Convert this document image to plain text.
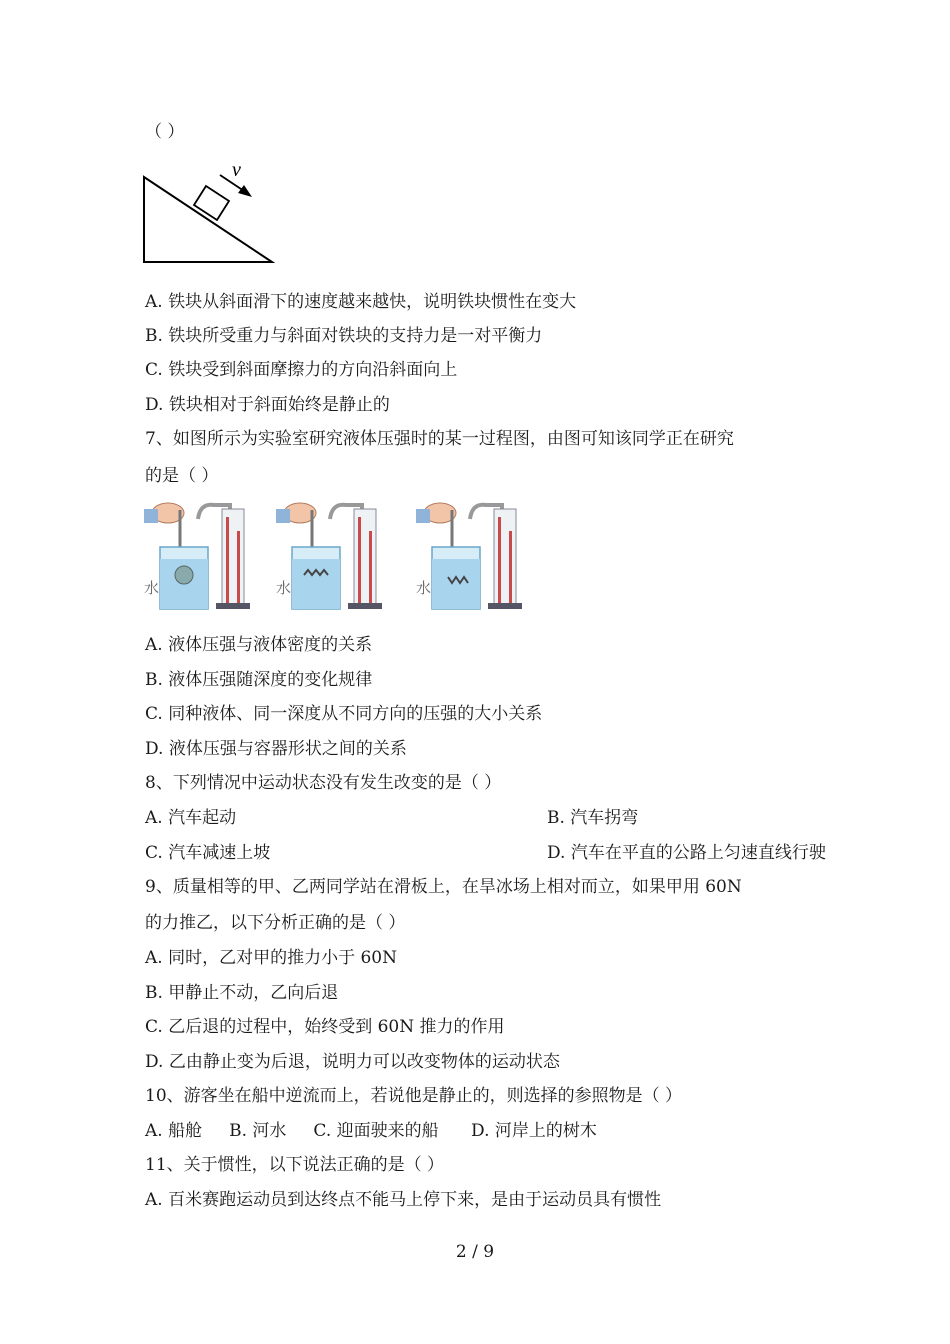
（ ）
v
A. 铁块从斜面滑下的速度越来越快，说明铁块惯性在变大
B. 铁块所受重力与斜面对铁块的支持力是一对平衡力
C. 铁块受到斜面摩擦力的方向沿斜面向上
D. 铁块相对于斜面始终是静止的
7、如图所示为实验室研究液体压强时的某一过程图，由图可知该同学正在研究
的是（ ）
水	水	水
A. 液体压强与液体密度的关系
B. 液体压强随深度的变化规律
C. 同种液体、同一深度从不同方向的压强的大小关系
D. 液体压强与容器形状之间的关系
8、下列情况中运动状态没有发生改变的是（ ）
A. 汽车起动	B. 汽车拐弯
C. 汽车减速上坡	D. 汽车在平直的公路上匀速直线行驶
9、质量相等的甲、乙两同学站在滑板上，在旱冰场上相对而立，如果甲用 60N
的力推乙，以下分析正确的是（ ）
A. 同时，乙对甲的推力小于 60N
B. 甲静止不动，乙向后退
C. 乙后退的过程中，始终受到 60N 推力的作用
D. 乙由静止变为后退，说明力可以改变物体的运动状态
10、游客坐在船中逆流而上，若说他是静止的，则选择的参照物是（ ）
A. 船舱     B. 河水     C. 迎面驶来的船      D. 河岸上的树木
11、关于惯性，以下说法正确的是（ ）
A. 百米赛跑运动员到达终点不能马上停下来，是由于运动员具有惯性
2 / 9
